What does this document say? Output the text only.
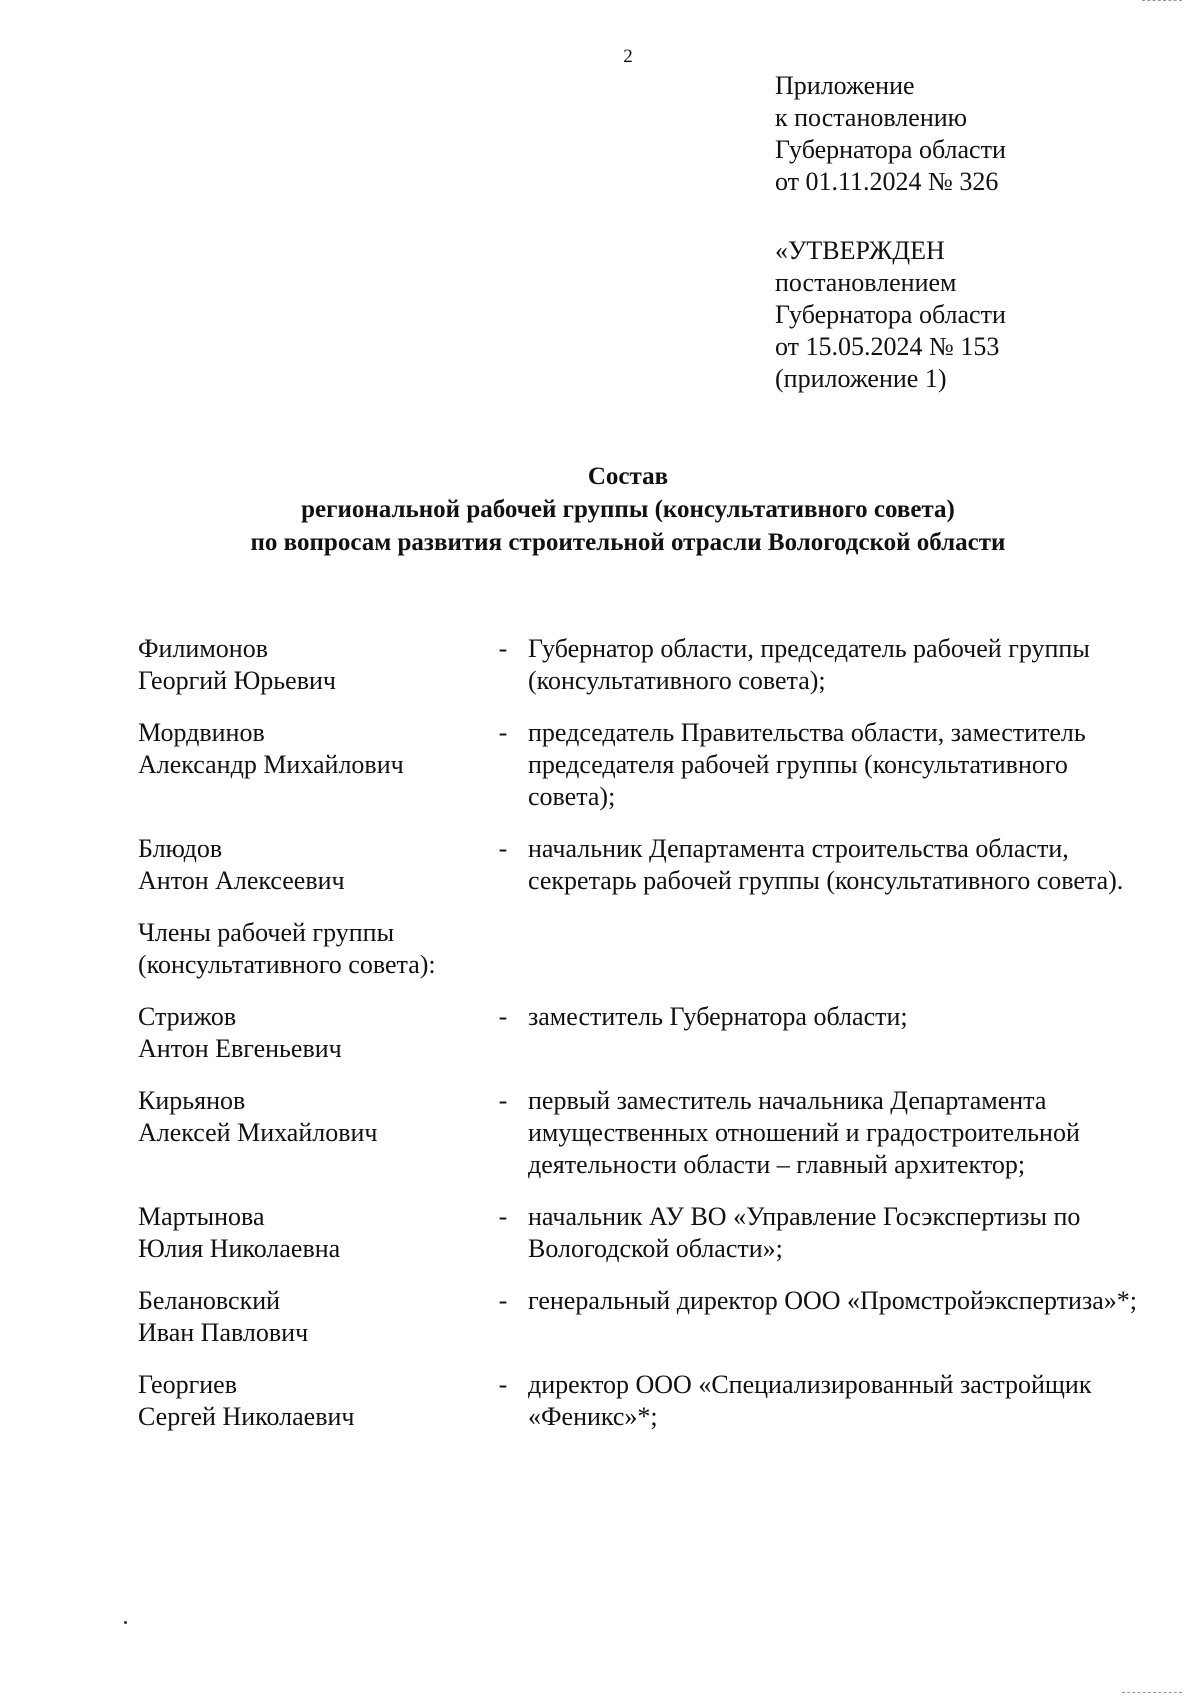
2
Приложение
к постановлению
Губернатора области
от 01.11.2024 № 326
«УТВЕРЖДЕН
постановлением
Губернатора области
от 15.05.2024 № 153
(приложение 1)
Состав
региональной рабочей группы (консультативного совета)
по вопросам развития строительной отрасли Вологодской области
Филимонов
Георгий Юрьевич
- Губернатор области, председатель рабочей группы (консультативного совета);
Мордвинов
Александр Михайлович
- председатель Правительства области, заместитель председателя рабочей группы (консультативного совета);
Блюдов
Антон Алексеевич
- начальник Департамента строительства области, секретарь рабочей группы (консультативного совета).
Члены рабочей группы (консультативного совета):
Стрижов
Антон Евгеньевич
- заместитель Губернатора области;
Кирьянов
Алексей Михайлович
- первый заместитель начальника Департамента имущественных отношений и градостроительной деятельности области – главный архитектор;
Мартынова
Юлия Николаевна
- начальник АУ ВО «Управление Госэкспертизы по Вологодской области»;
Белановский
Иван Павлович
- генеральный директор ООО «Промстройэкспертиза»*;
Георгиев
Сергей Николаевич
- директор ООО «Специализированный застройщик «Феникс»*;
